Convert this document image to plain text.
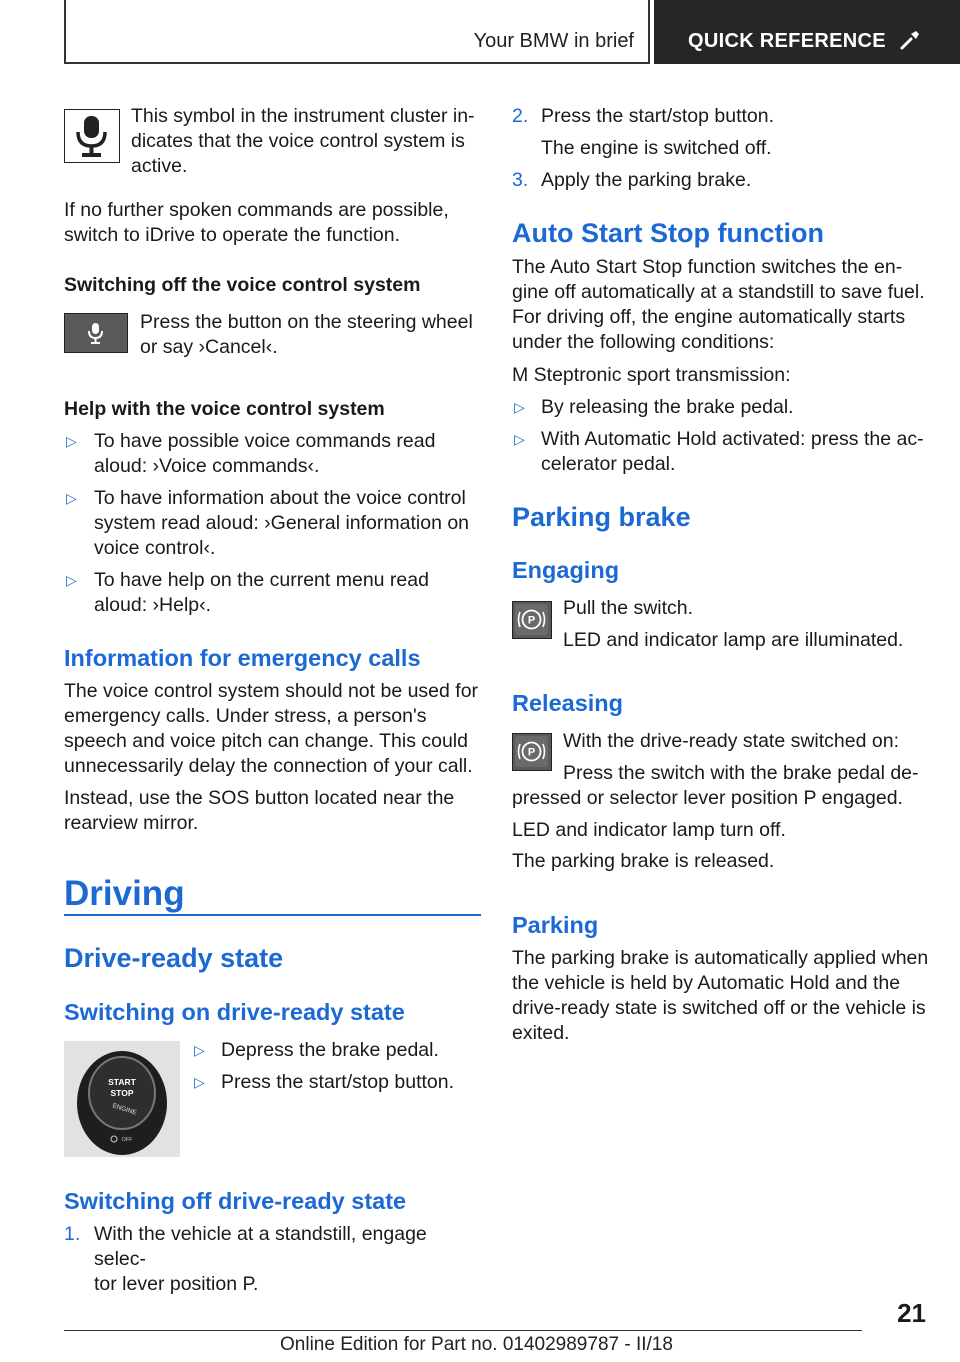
Your BMW in brief	QUICK REFERENCE
This symbol in the instrument cluster in-
dicates that the voice control system is
active.
If no further spoken commands are possible,
switch to iDrive to operate the function.
Switching off the voice control system
Press the button on the steering wheel
or say ›Cancel‹.
Help with the voice control system
▷ To have possible voice commands read
aloud: ›Voice commands‹.
▷ To have information about the voice control
system read aloud: ›General information on
voice control‹.
▷ To have help on the current menu read
aloud: ›Help‹.
Information for emergency calls
The voice control system should not be used for
emergency calls. Under stress, a person's
speech and voice pitch can change. This could
unnecessarily delay the connection of your call.
Instead, use the SOS button located near the
rearview mirror.
Driving
Drive-ready state
Switching on drive-ready state
START
STOP
ENGINE
OFF
▷ Depress the brake pedal.
▷ Press the start/stop button.
Switching off drive-ready state
1. With the vehicle at a standstill, engage selec-
tor lever position P.
2. Press the start/stop button.
The engine is switched off.
3. Apply the parking brake.
Auto Start Stop function
The Auto Start Stop function switches the en-
gine off automatically at a standstill to save fuel.
For driving off, the engine automatically starts
under the following conditions:
M Steptronic sport transmission:
▷ By releasing the brake pedal.
▷ With Automatic Hold activated: press the ac-
celerator pedal.
Parking brake
Engaging
P
Pull the switch.
LED and indicator lamp are illuminated.
Releasing
P
With the drive-ready state switched on:
Press the switch with the brake pedal de-
pressed or selector lever position P engaged.
LED and indicator lamp turn off.
The parking brake is released.
Parking
The parking brake is automatically applied when
the vehicle is held by Automatic Hold and the
drive-ready state is switched off or the vehicle is
exited.
21
Online Edition for Part no. 01402989787 - II/18
